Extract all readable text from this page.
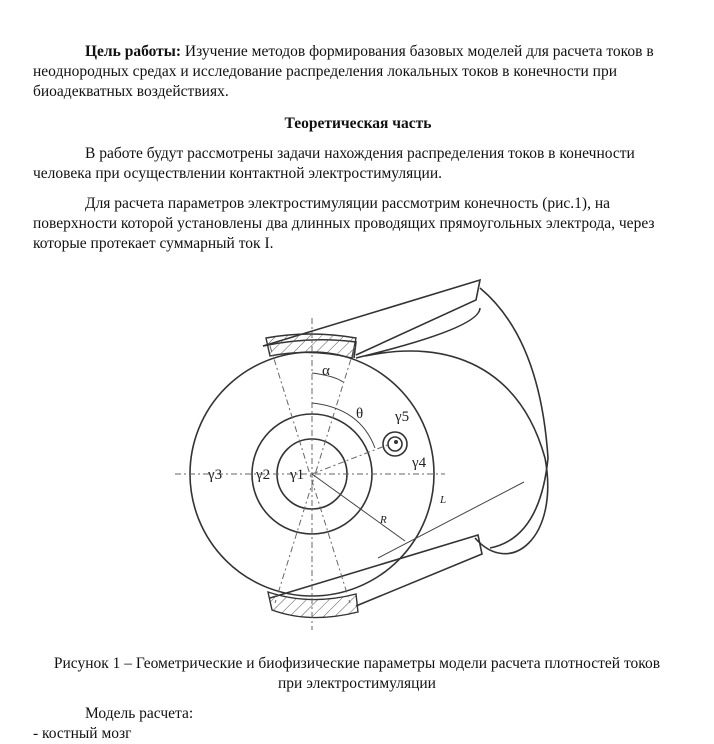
Цель работы: Изучение методов формирования базовых моделей для расчета токов в неоднородных средах и исследование распределения локальных токов в конечности при биоадекватных воздействиях.
Теоретическая часть
В работе будут рассмотрены задачи нахождения распределения токов в конечности человека при осуществлении контактной электростимуляции.
Для расчета параметров электростимуляции рассмотрим конечность (рис.1), на поверхности которой установлены два длинных проводящих прямоугольных электрода, через которые протекает суммарный ток I.
α
θ
γ1
γ2
γ3
γ4
γ5
R
L
Рисунок 1 – Геометрические и биофизические параметры модели расчета плотностей токов
при электростимуляции
Модель расчета:
- костный мозг
